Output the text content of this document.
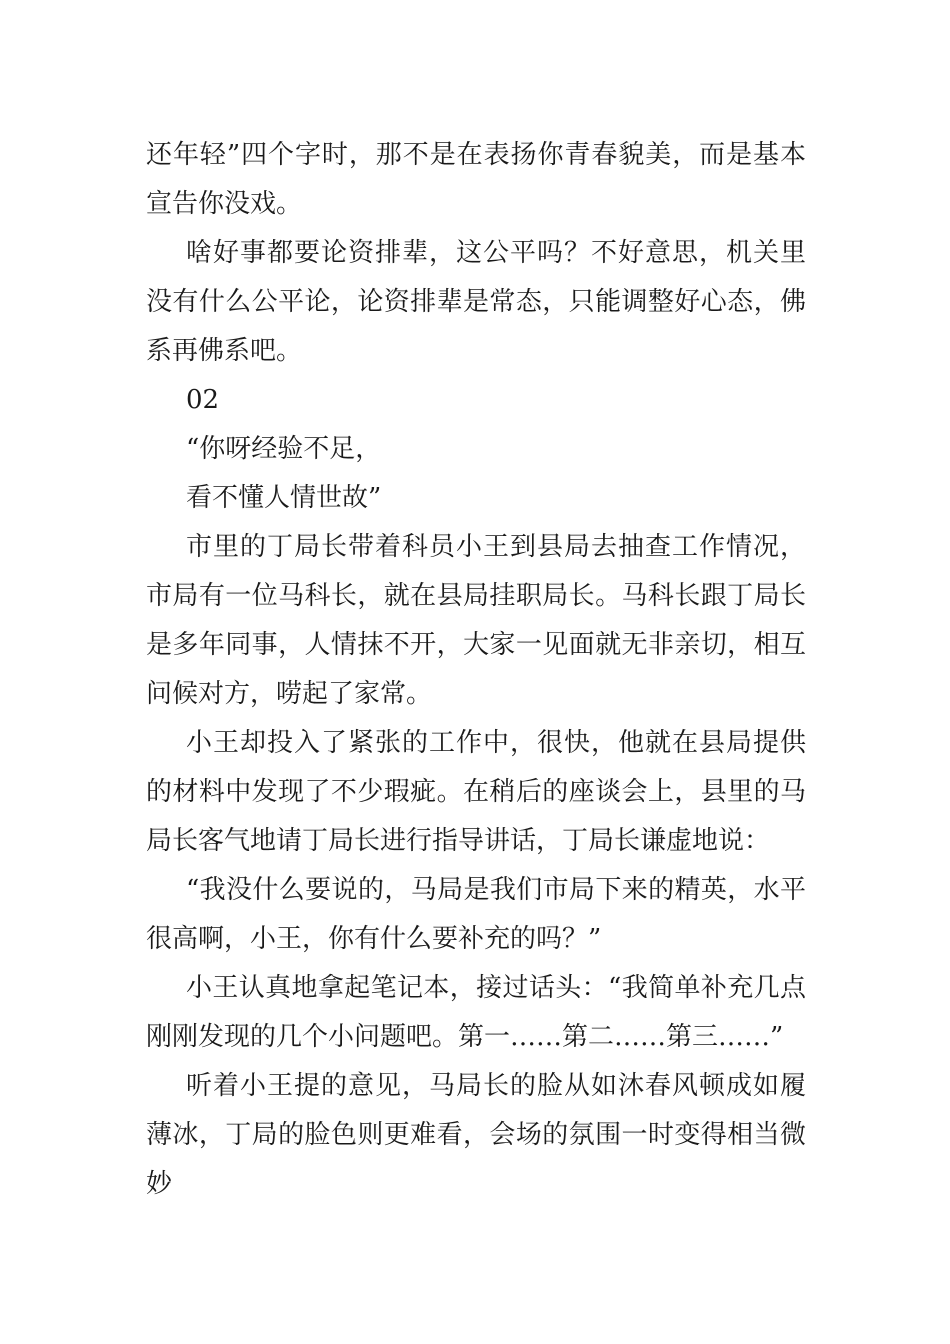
还年轻”四个字时，那不是在表扬你青春貌美，而是基本宣告你没戏。

啥好事都要论资排辈，这公平吗？不好意思，机关里没有什么公平论，论资排辈是常态，只能调整好心态，佛系再佛系吧。

02

“你呀经验不足，

看不懂人情世故”

市里的丁局长带着科员小王到县局去抽查工作情况，市局有一位马科长，就在县局挂职局长。马科长跟丁局长是多年同事，人情抹不开，大家一见面就无非亲切，相互问候对方，唠起了家常。

小王却投入了紧张的工作中，很快，他就在县局提供的材料中发现了不少瑕疵。在稍后的座谈会上，县里的马局长客气地请丁局长进行指导讲话，丁局长谦虚地说：

“我没什么要说的，马局是我们市局下来的精英，水平很高啊，小王，你有什么要补充的吗？”

小王认真地拿起笔记本，接过话头：“我简单补充几点刚刚发现的几个小问题吧。第一……第二……第三……”

听着小王提的意见，马局长的脸从如沐春风顿成如履薄冰，丁局的脸色则更难看，会场的氛围一时变得相当微妙
